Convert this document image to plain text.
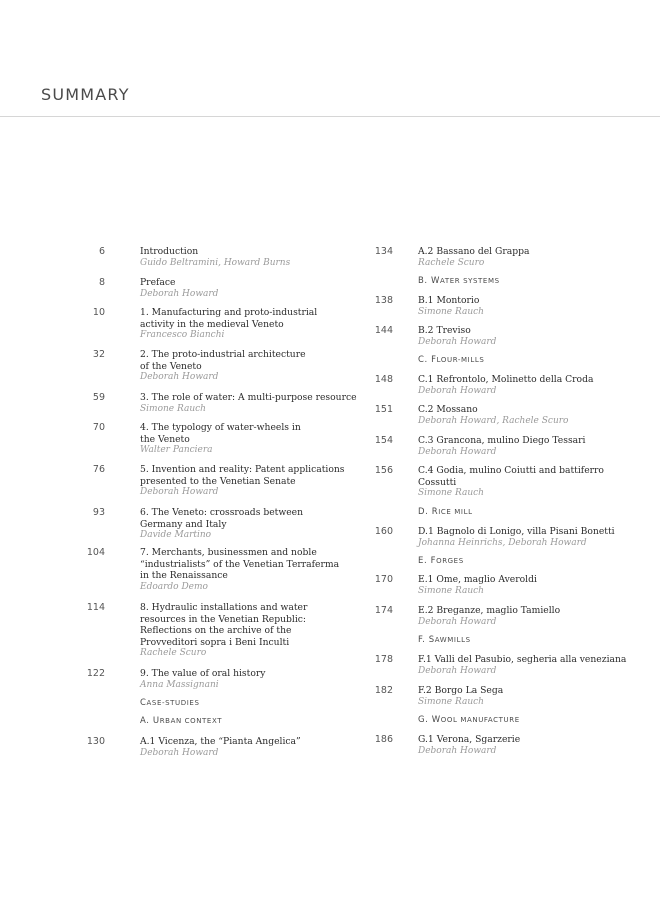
SUMMARY
6	Introduction
Guido Beltramini, Howard Burns
8	Preface
Deborah Howard
10	1. Manufacturing and proto-industrial
activity in the medieval Veneto
Francesco Bianchi
32	2. The proto-industrial architecture
of the Veneto
Deborah Howard
59	3. The role of water: A multi-purpose resource
Simone Rauch
70	4. The typology of water-wheels in
the Veneto
Walter Panciera
76	5. Invention and reality: Patent applications
presented to the Venetian Senate
Deborah Howard
93	6. The Veneto: crossroads between
Germany and Italy
Davide Martino
104	7. Merchants, businessmen and noble
“industrialists” of the Venetian Terraferma
in the Renaissance
Edoardo Demo
114	8. Hydraulic installations and water
resources in the Venetian Republic:
Reflections on the archive of the
Provveditori sopra i Beni Inculti
Rachele Scuro
122	9. The value of oral history
Anna Massignani
CASE-STUDIES
A. URBAN CONTEXT
130	A.1 Vicenza, the “Pianta Angelica”
Deborah Howard
134	A.2 Bassano del Grappa
Rachele Scuro
B. WATER SYSTEMS
138	B.1 Montorio
Simone Rauch
144	B.2 Treviso
Deborah Howard
C. FLOUR-MILLS
148	C.1 Refrontolo, Molinetto della Croda
Deborah Howard
151	C.2 Mossano
Deborah Howard, Rachele Scuro
154	C.3 Grancona, mulino Diego Tessari
Deborah Howard
156	C.4 Godia, mulino Coiutti and battiferro
Cossutti
Simone Rauch
D. RICE MILL
160	D.1 Bagnolo di Lonigo, villa Pisani Bonetti
Johanna Heinrichs, Deborah Howard
E. FORGES
170	E.1 Ome, maglio Averoldi
Simone Rauch
174	E.2 Breganze, maglio Tamiello
Deborah Howard
F. SAWMILLS
178	F.1 Valli del Pasubio, segheria alla veneziana
Deborah Howard
182	F.2 Borgo La Sega
Simone Rauch
G. WOOL MANUFACTURE
186	G.1 Verona, Sgarzerie
Deborah Howard
